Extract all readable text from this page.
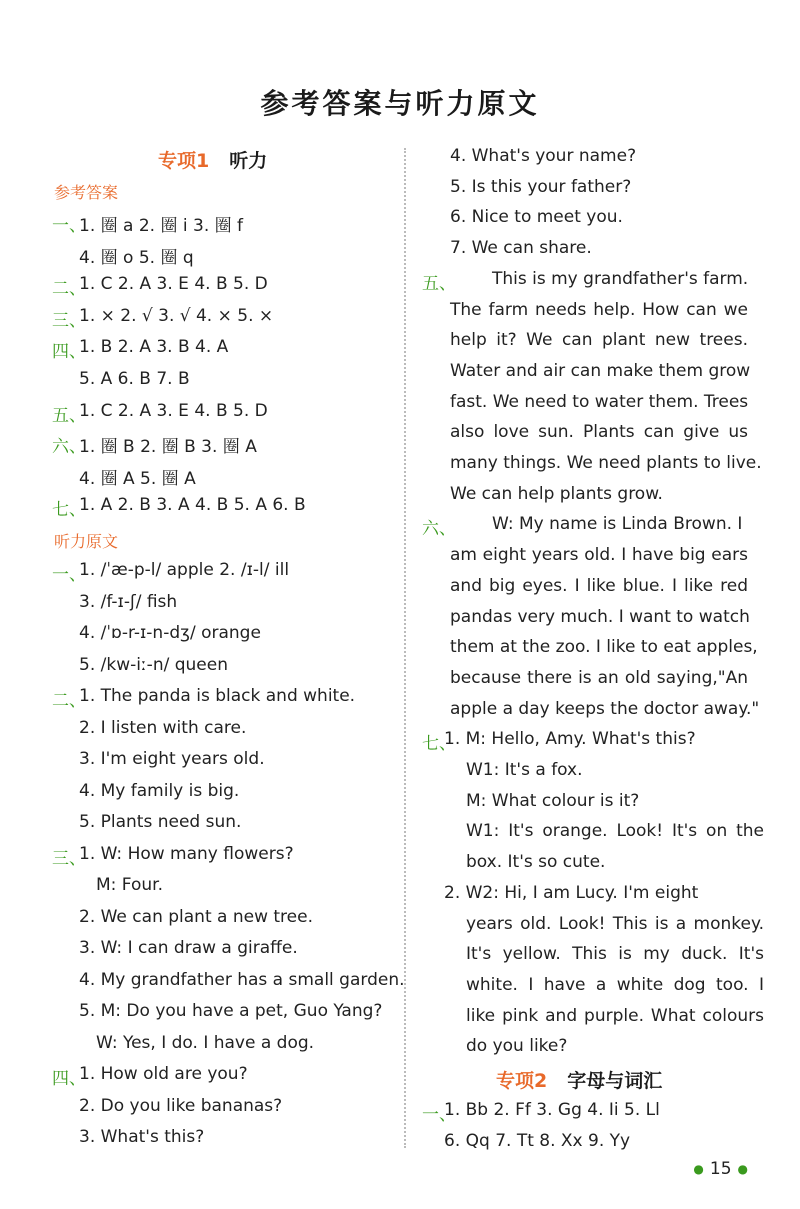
参考答案与听力原文
专项1 听力
参考答案
一、
1. 圈 a 2. 圈 i 3. 圈 f
4. 圈 o 5. 圈 q
二、
1. C 2. A 3. E 4. B 5. D
三、
1. × 2. √ 3. √ 4. × 5. ×
四、
1. B 2. A 3. B 4. A
5. A 6. B 7. B
五、
1. C 2. A 3. E 4. B 5. D
六、
1. 圈 B 2. 圈 B 3. 圈 A
4. 圈 A 5. 圈 A
七、
1. A 2. B 3. A 4. B 5. A 6. B
听力原文
一、
1. /ˈæ-p-l/ apple 2. /ɪ-l/ ill
3. /f-ɪ-ʃ/ fish
4. /ˈɒ-r-ɪ-n-dʒ/ orange
5. /kw-iː-n/ queen
二、
1. The panda is black and white.
2. I listen with care.
3. I'm eight years old.
4. My family is big.
5. Plants need sun.
三、
1. W: How many flowers?
M: Four.
2. We can plant a new tree.
3. W: I can draw a giraffe.
4. My grandfather has a small garden.
5. M: Do you have a pet, Guo Yang?
W: Yes, I do. I have a dog.
四、
1. How old are you?
2. Do you like bananas?
3. What's this?
4. What's your name?
5. Is this your father?
6. Nice to meet you.
7. We can share.
五、 This is my grandfather's farm.
The farm needs help. How can we
help it? We can plant new trees.
Water and air can make them grow
fast. We need to water them. Trees
also love sun. Plants can give us
many things. We need plants to live.
We can help plants grow.
六、 W: My name is Linda Brown. I
am eight years old. I have big ears
and big eyes. I like blue. I like red
pandas very much. I want to watch
them at the zoo. I like to eat apples,
because there is an old saying,"An
apple a day keeps the doctor away."
七、
1. M: Hello, Amy. What's this?
W1: It's a fox.
M: What colour is it?
W1: It's orange. Look! It's on the
box. It's so cute.
2. W2: Hi, I am Lucy. I'm eight
years old. Look! This is a monkey.
It's yellow. This is my duck. It's
white. I have a white dog too. I
like pink and purple. What colours
do you like?
专项2 字母与词汇
一、
1. Bb 2. Ff 3. Gg 4. Ii 5. Ll
6. Qq 7. Tt 8. Xx 9. Yy
● 15 ●
